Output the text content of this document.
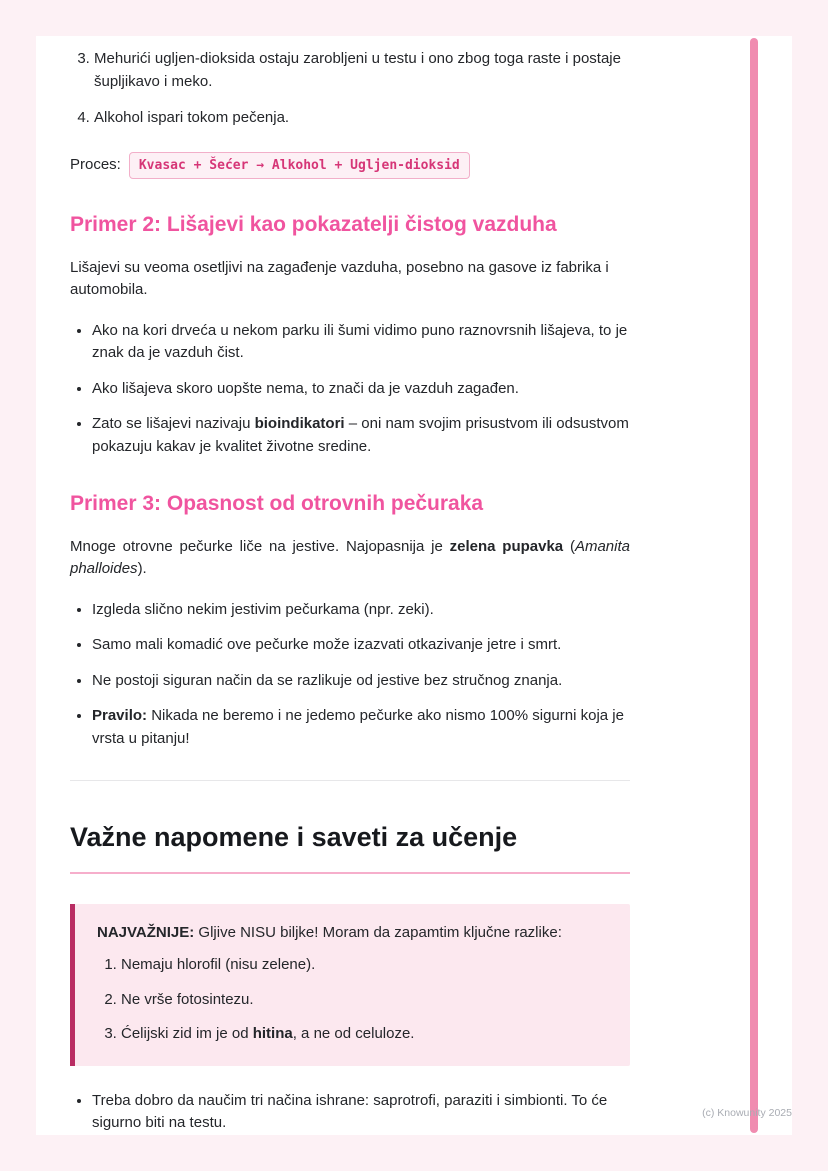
3. Mehurići ugljen-dioksida ostaju zarobljeni u testu i ono zbog toga raste i postaje šupljikavo i meko.
4. Alkohol ispari tokom pečenja.
Proces:	Kvasac + Šećer → Alkohol + Ugljen-dioksid
Primer 2: Lišajevi kao pokazatelji čistog vazduha

Lišajevi su veoma osetljivi na zagađenje vazduha, posebno na gasove iz fabrika i automobila.

• Ako na kori drveća u nekom parku ili šumi vidimo puno raznovrsnih lišajeva, to je znak da je vazduh čist.
• Ako lišajeva skoro uopšte nema, to znači da je vazduh zagađen.
• Zato se lišajevi nazivaju bioindikatori – oni nam svojim prisustvom ili odsustvom pokazuju kakav je kvalitet životne sredine.
Primer 3: Opasnost od otrovnih pečuraka

Mnoge otrovne pečurke liče na jestive. Najopasnija je zelena pupavka (Amanita phalloides).

• Izgleda slično nekim jestivim pečurkama (npr. zeki).
• Samo mali komadić ove pečurke može izazvati otkazivanje jetre i smrt.
• Ne postoji siguran način da se razlikuje od jestive bez stručnog znanja.
• Pravilo: Nikada ne beremo i ne jedemo pečurke ako nismo 100% sigurni koja je vrsta u pitanju!
Važne napomene i saveti za učenje
NAJVAŽNIJE: Gljive NISU biljke! Moram da zapamtim ključne razlike:
1. Nemaju hlorofil (nisu zelene).
2. Ne vrše fotosintezu.
3. Ćelijski zid im je od hitina, a ne od celuloze.
• Treba dobro da naučim tri načina ishrane: saprotrofi, paraziti i simbionti. To će sigurno biti na testu.
(c) Knowunity 2025
